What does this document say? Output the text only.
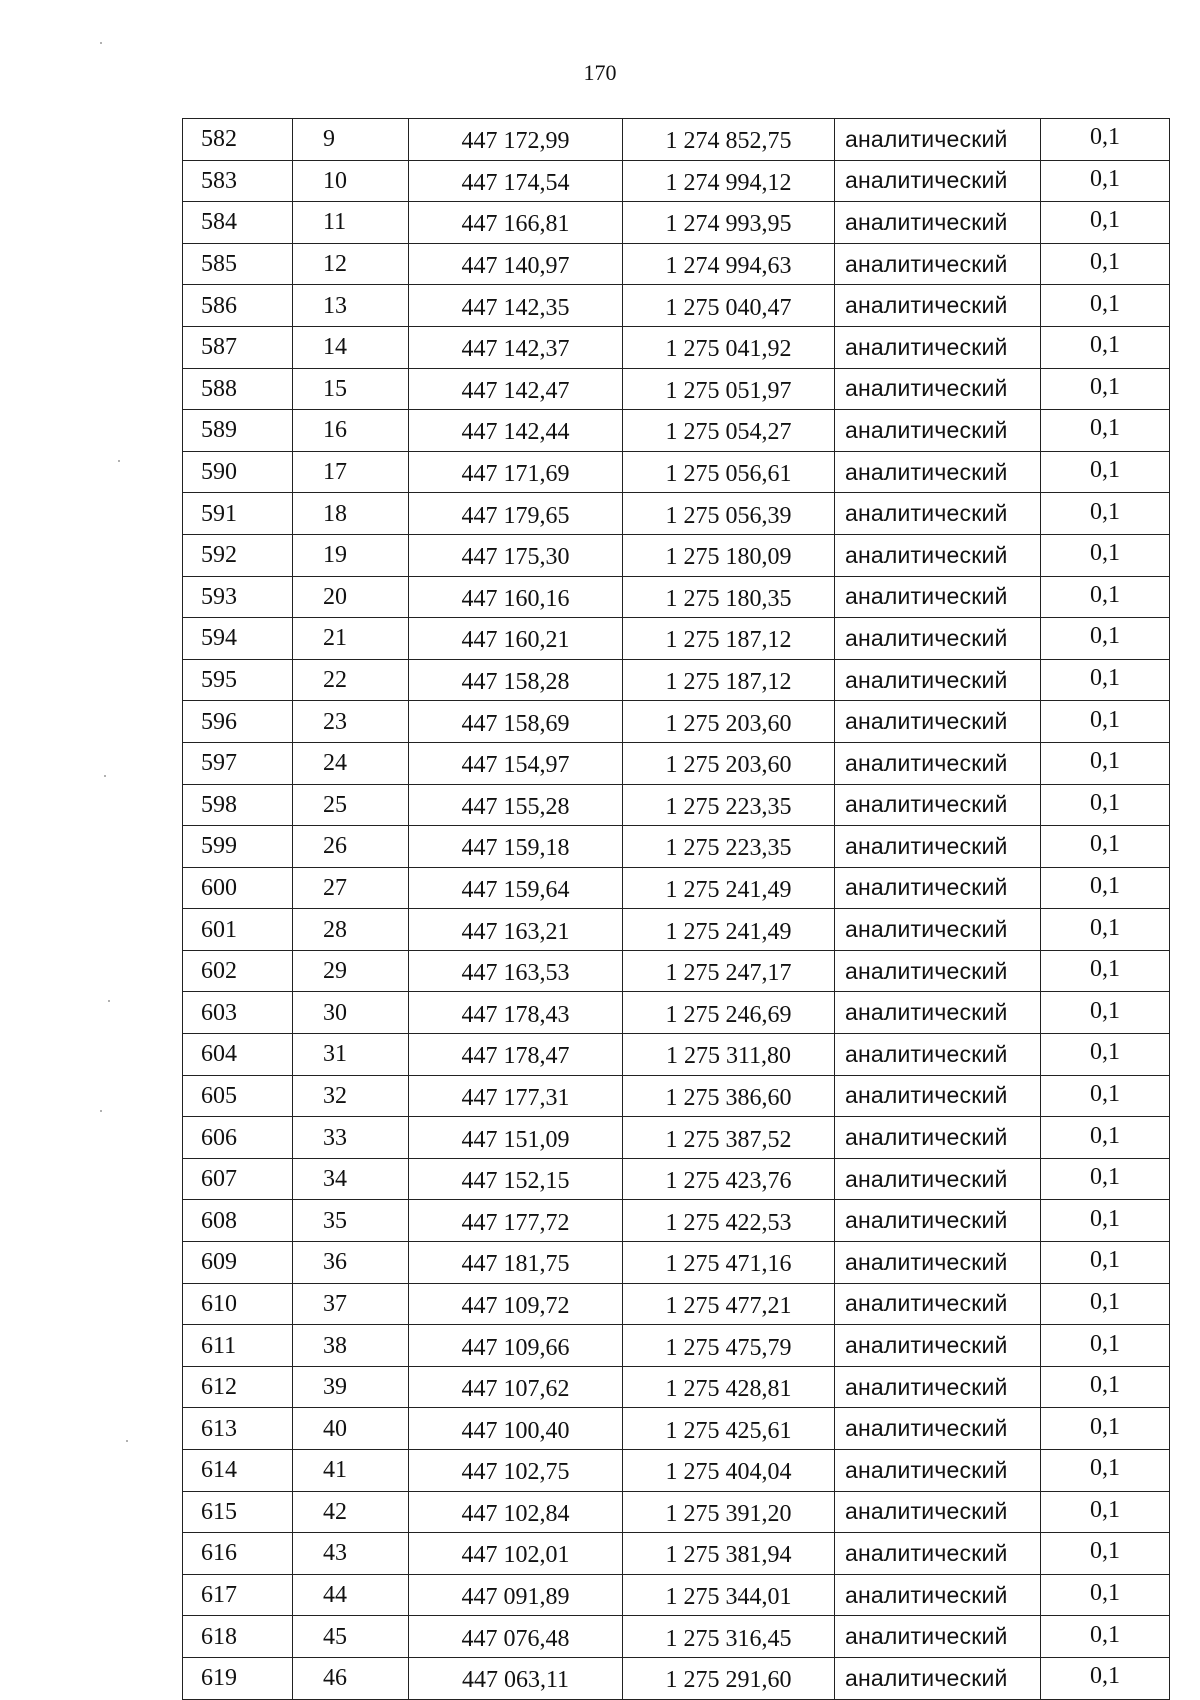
170
582	9	447 172,99	1 274 852,75	аналитический	0,1
583	10	447 174,54	1 274 994,12	аналитический	0,1
584	11	447 166,81	1 274 993,95	аналитический	0,1
585	12	447 140,97	1 274 994,63	аналитический	0,1
586	13	447 142,35	1 275 040,47	аналитический	0,1
587	14	447 142,37	1 275 041,92	аналитический	0,1
588	15	447 142,47	1 275 051,97	аналитический	0,1
589	16	447 142,44	1 275 054,27	аналитический	0,1
590	17	447 171,69	1 275 056,61	аналитический	0,1
591	18	447 179,65	1 275 056,39	аналитический	0,1
592	19	447 175,30	1 275 180,09	аналитический	0,1
593	20	447 160,16	1 275 180,35	аналитический	0,1
594	21	447 160,21	1 275 187,12	аналитический	0,1
595	22	447 158,28	1 275 187,12	аналитический	0,1
596	23	447 158,69	1 275 203,60	аналитический	0,1
597	24	447 154,97	1 275 203,60	аналитический	0,1
598	25	447 155,28	1 275 223,35	аналитический	0,1
599	26	447 159,18	1 275 223,35	аналитический	0,1
600	27	447 159,64	1 275 241,49	аналитический	0,1
601	28	447 163,21	1 275 241,49	аналитический	0,1
602	29	447 163,53	1 275 247,17	аналитический	0,1
603	30	447 178,43	1 275 246,69	аналитический	0,1
604	31	447 178,47	1 275 311,80	аналитический	0,1
605	32	447 177,31	1 275 386,60	аналитический	0,1
606	33	447 151,09	1 275 387,52	аналитический	0,1
607	34	447 152,15	1 275 423,76	аналитический	0,1
608	35	447 177,72	1 275 422,53	аналитический	0,1
609	36	447 181,75	1 275 471,16	аналитический	0,1
610	37	447 109,72	1 275 477,21	аналитический	0,1
611	38	447 109,66	1 275 475,79	аналитический	0,1
612	39	447 107,62	1 275 428,81	аналитический	0,1
613	40	447 100,40	1 275 425,61	аналитический	0,1
614	41	447 102,75	1 275 404,04	аналитический	0,1
615	42	447 102,84	1 275 391,20	аналитический	0,1
616	43	447 102,01	1 275 381,94	аналитический	0,1
617	44	447 091,89	1 275 344,01	аналитический	0,1
618	45	447 076,48	1 275 316,45	аналитический	0,1
619	46	447 063,11	1 275 291,60	аналитический	0,1
